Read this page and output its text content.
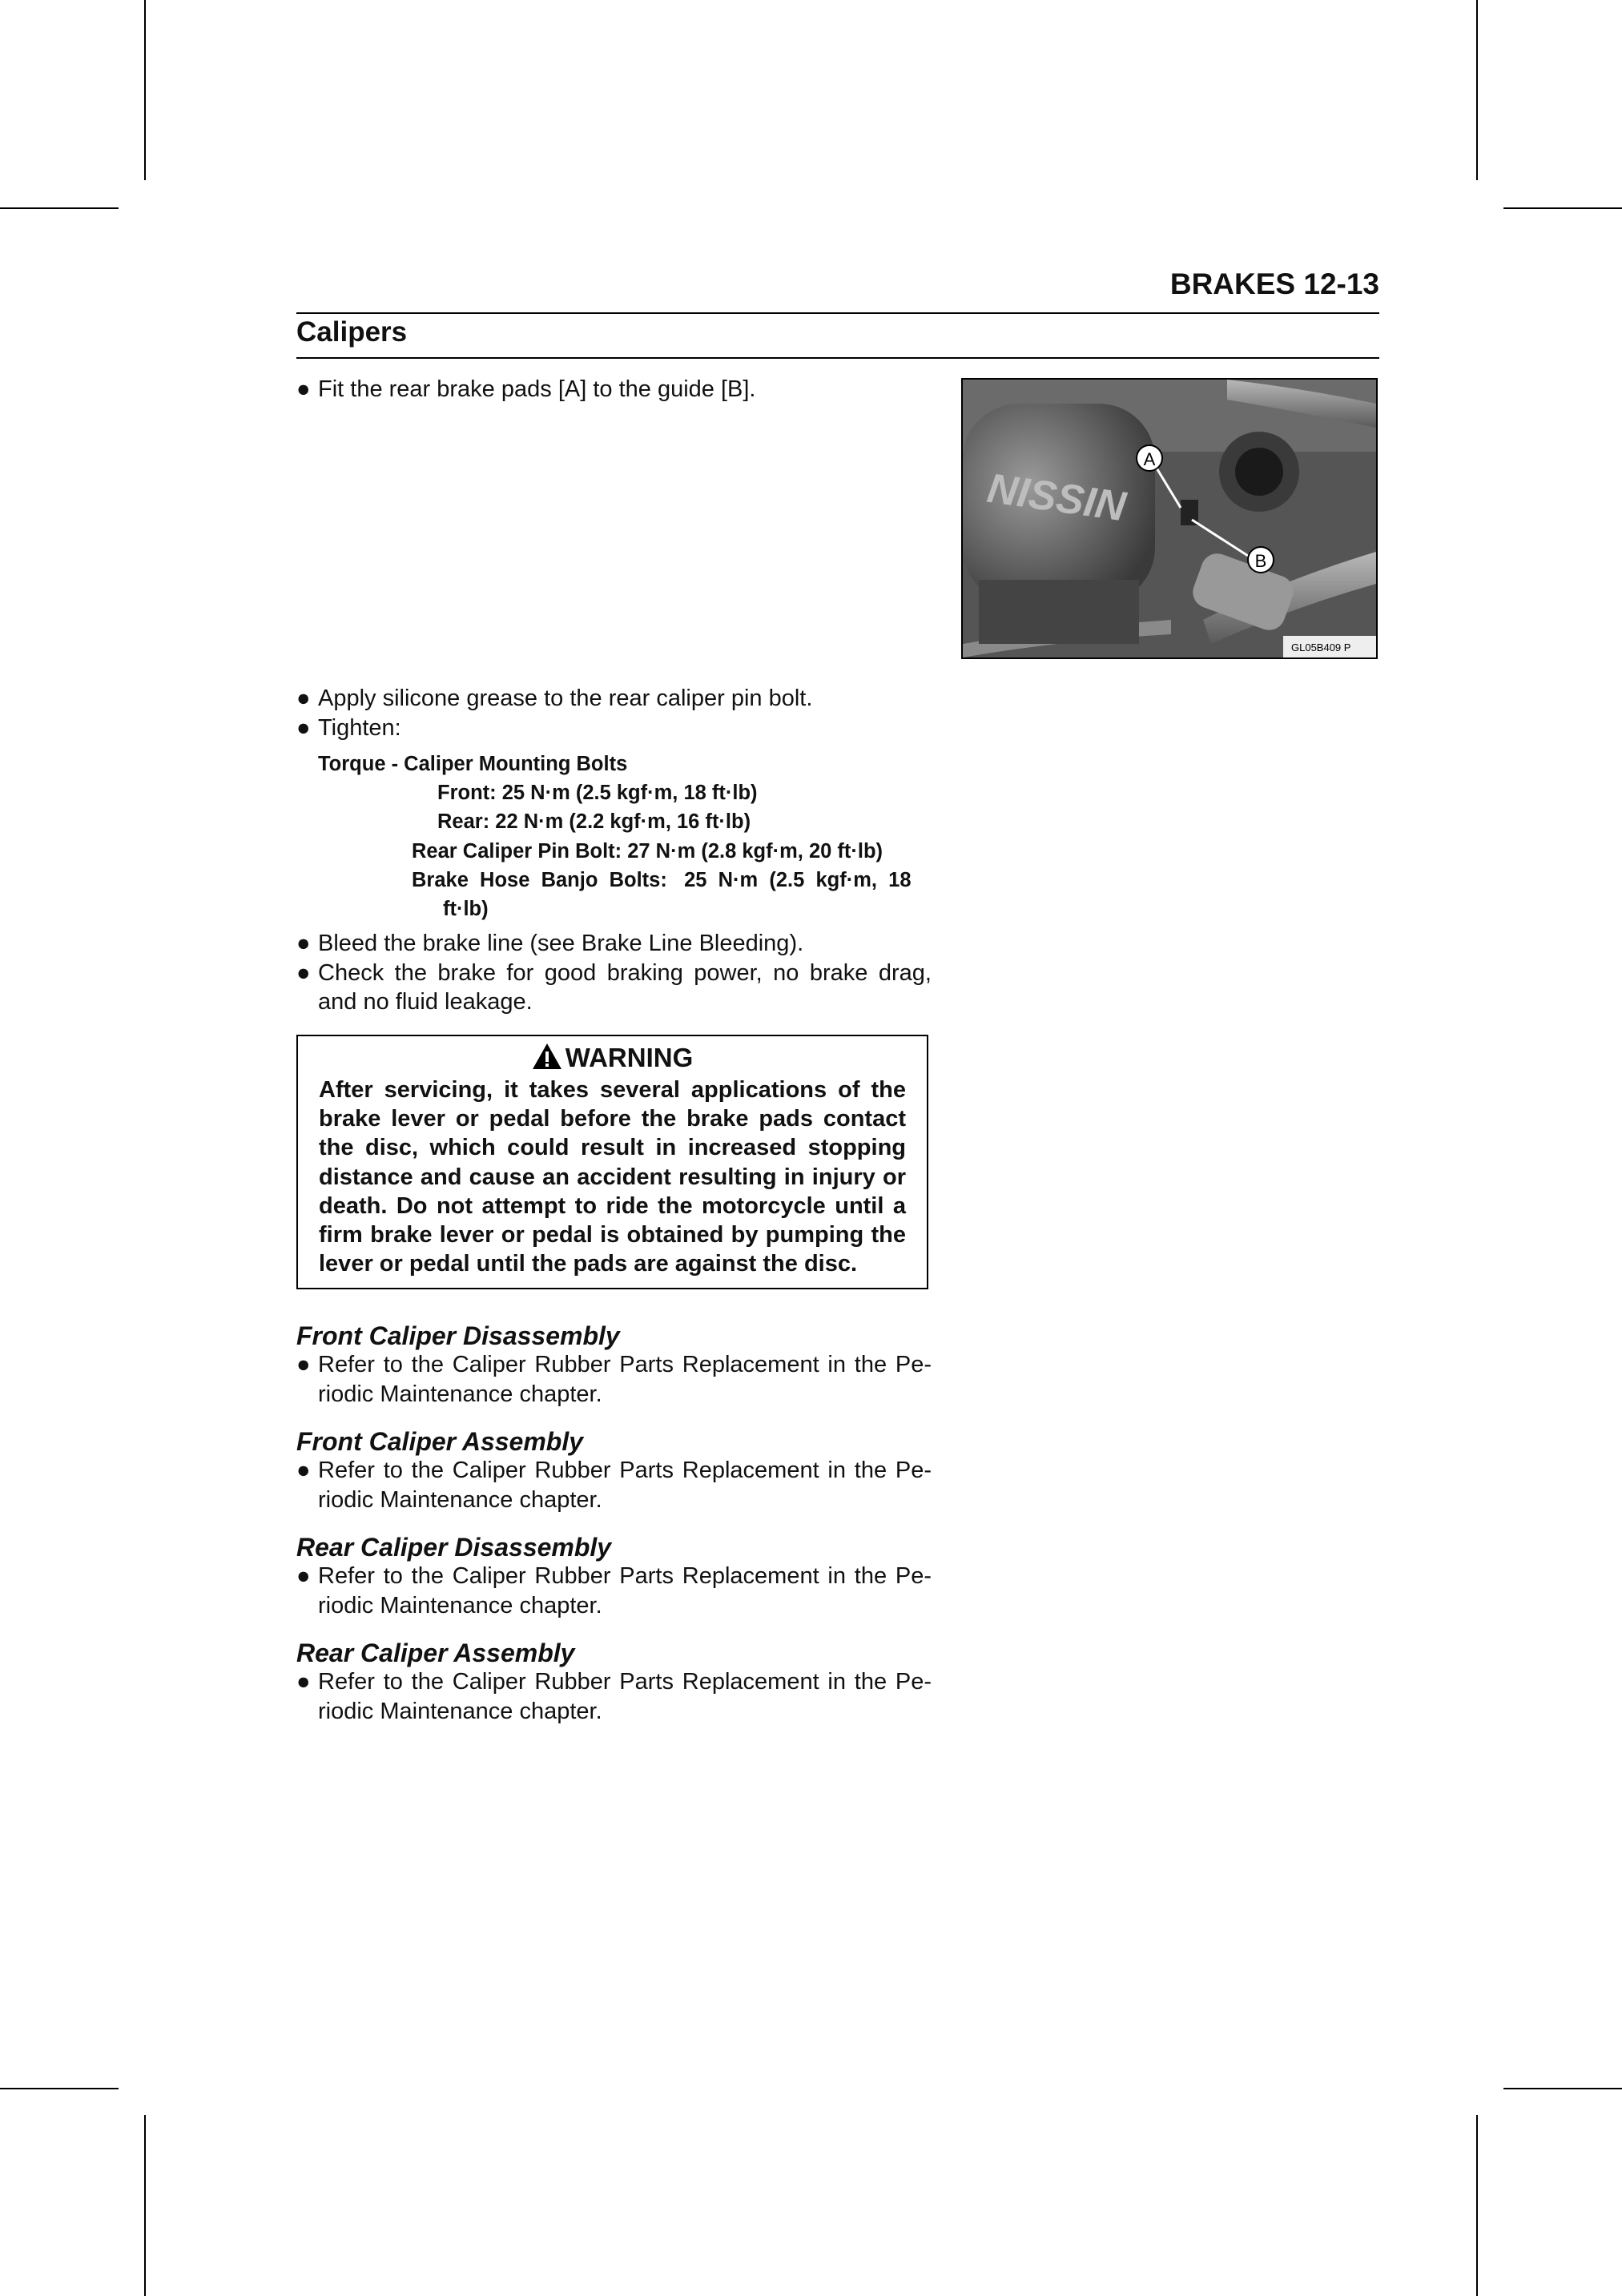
BRAKES 12-13
Calipers
● Fit the rear brake pads [A] to the guide [B].
NISSIN
A
B
GL05B409 P
● Apply silicone grease to the rear caliper pin bolt.
● Tighten:
Torque - Caliper Mounting Bolts
Front: 25 N·m (2.5 kgf·m, 18 ft·lb)
Rear: 22 N·m (2.2 kgf·m, 16 ft·lb)
Rear Caliper Pin Bolt: 27 N·m (2.8 kgf·m, 20 ft·lb)
Brake  Hose  Banjo  Bolts:   25  N·m  (2.5  kgf·m,  18
ft·lb)
● Bleed the brake line (see Brake Line Bleeding).
● Check the brake for good braking power, no brake drag, and no fluid leakage.
WARNING
After servicing, it takes several applications of the brake lever or pedal before the brake pads contact the disc, which could result in increased stopping distance and cause an accident resulting in injury or death. Do not attempt to ride the motorcycle until a firm brake lever or pedal is obtained by pumping the lever or pedal until the pads are against the disc.
Front Caliper Disassembly
● Refer to the Caliper Rubber Parts Replacement in the Pe-riodic Maintenance chapter.
Front Caliper Assembly
● Refer to the Caliper Rubber Parts Replacement in the Pe-riodic Maintenance chapter.
Rear Caliper Disassembly
● Refer to the Caliper Rubber Parts Replacement in the Pe-riodic Maintenance chapter.
Rear Caliper Assembly
● Refer to the Caliper Rubber Parts Replacement in the Pe-riodic Maintenance chapter.
